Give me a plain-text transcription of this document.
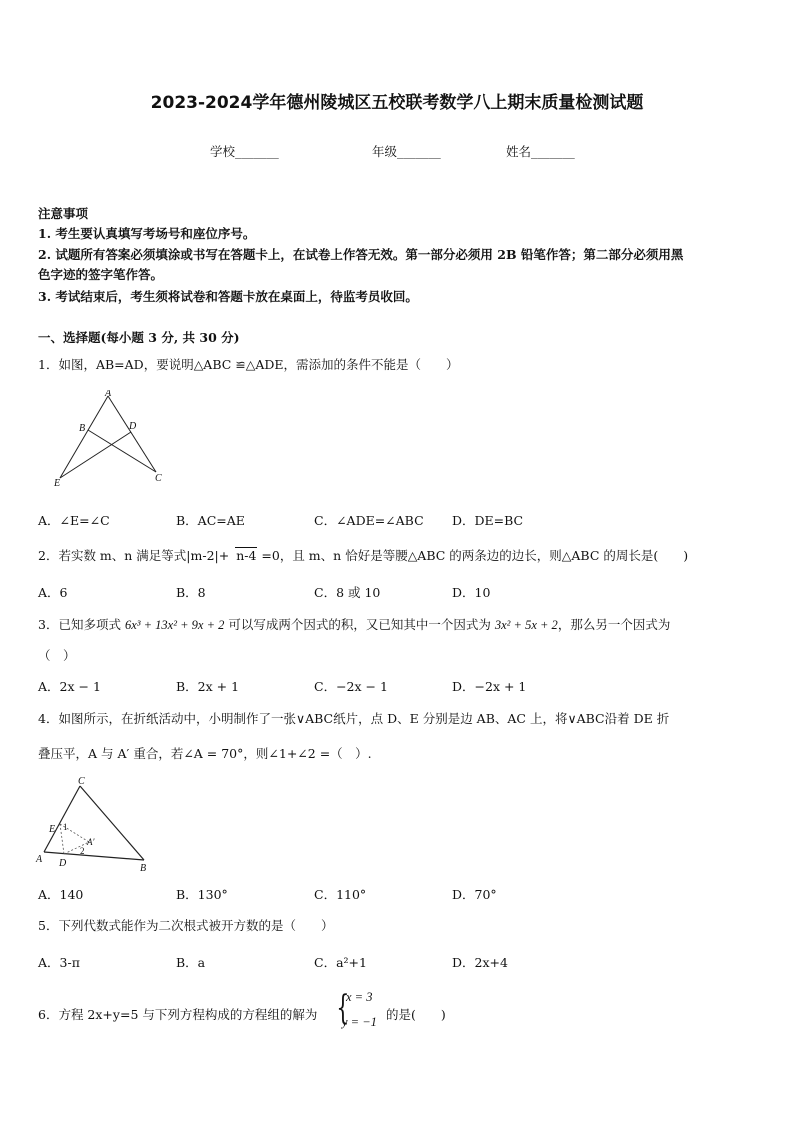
2023-2024学年德州陵城区五校联考数学八上期末质量检测试题
学校_______	年级_______	姓名_______
注意事项
1. 考生要认真填写考场号和座位序号。
2. 试题所有答案必须填涂或书写在答题卡上，在试卷上作答无效。第一部分必须用 2B 铅笔作答；第二部分必须用黑
色字迹的签字笔作答。
3. 考试结束后，考生须将试卷和答题卡放在桌面上，待监考员收回。
一、选择题(每小题 3 分, 共 30 分)
1．如图，AB=AD，要说明△ABC ≌△ADE，需添加的条件不能是（　　）
A
B	D
E	C
A．∠E=∠C	B．AC=AE	C．∠ADE=∠ABC D．DE=BC
2．若实数 m、n 满足等式|m-2|+ n-4 =0，且 m、n 恰好是等腰△ABC 的两条边的边长，则△ABC 的周长是(　　)
A．6	B．8	C．8 或 10	D．10
3．已知多项式 6x³ + 13x² + 9x + 2 可以写成两个因式的积，又已知其中一个因式为 3x² + 5x + 2，那么另一个因式为
（　）
A．2x − 1	B．2x + 1	C．−2x − 1	D．−2x + 1
4．如图所示，在折纸活动中，小明制作了一张∨ABC纸片，点 D、E 分别是边 AB、AC 上，将∨ABC沿着 DE 折
叠压平，A 与 A′ 重合，若∠A = 70°，则∠1+∠2 =（　）.
C
E 1
A′
2
A D	B
A．140	B．130°	C．110°	D．70°
5．下列代数式能作为二次根式被开方数的是（　　）
A．3-π	B．a	C．a²+1	D．2x+4
6．方程 2x+y=5 与下列方程构成的方程组的解为 {
x = 3
y = −1 的是(　　)
